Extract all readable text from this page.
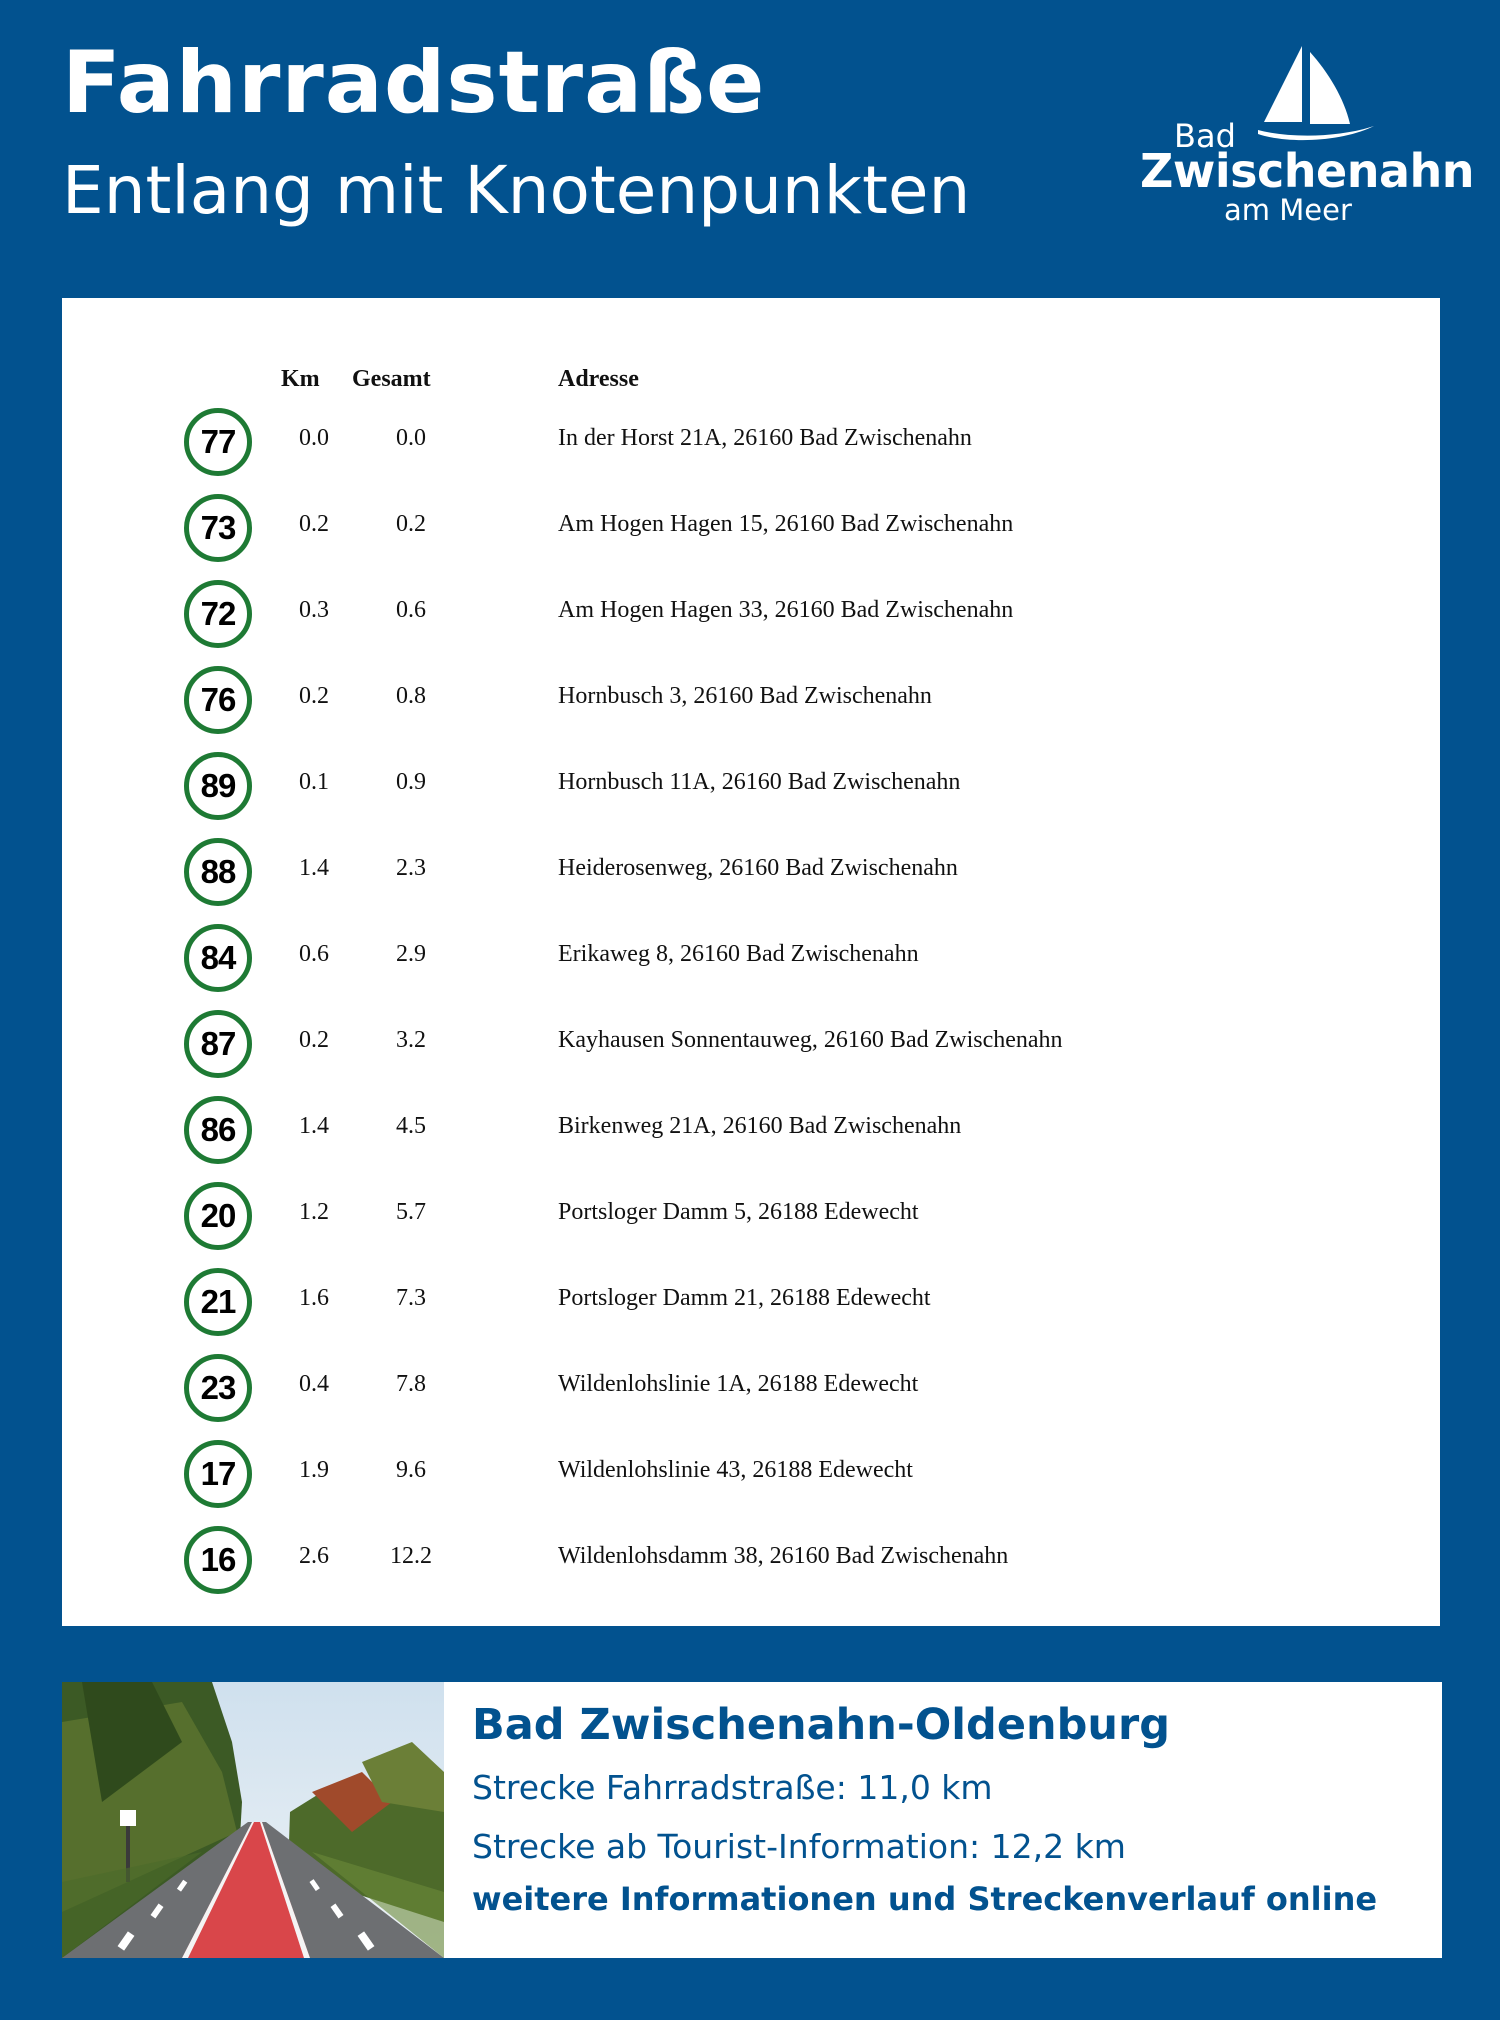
Fahrradstraße
Entlang mit Knotenpunkten
Bad
Zwischenahn
am Meer
Km Gesamt	Adresse
77	0.0	0.0	In der Horst 21A, 26160 Bad Zwischenahn
73	0.2	0.2	Am Hogen Hagen 15, 26160 Bad Zwischenahn
72	0.3	0.6	Am Hogen Hagen 33, 26160 Bad Zwischenahn
76	0.2	0.8	Hornbusch 3, 26160 Bad Zwischenahn
89	0.1	0.9	Hornbusch 11A, 26160 Bad Zwischenahn
88	1.4	2.3	Heiderosenweg, 26160 Bad Zwischenahn
84	0.6	2.9	Erikaweg 8, 26160 Bad Zwischenahn
87	0.2	3.2	Kayhausen Sonnentauweg, 26160 Bad Zwischenahn
86	1.4	4.5	Birkenweg 21A, 26160 Bad Zwischenahn
20	1.2	5.7	Portsloger Damm 5, 26188 Edewecht
21	1.6	7.3	Portsloger Damm 21, 26188 Edewecht
23	0.4	7.8	Wildenlohslinie 1A, 26188 Edewecht
17	1.9	9.6	Wildenlohslinie 43, 26188 Edewecht
16	2.6	12.2	Wildenlohsdamm 38, 26160 Bad Zwischenahn
Bad Zwischenahn-Oldenburg
Strecke Fahrradstraße: 11,0 km
Strecke ab Tourist-Information: 12,2 km
weitere Informationen und Streckenverlauf online
